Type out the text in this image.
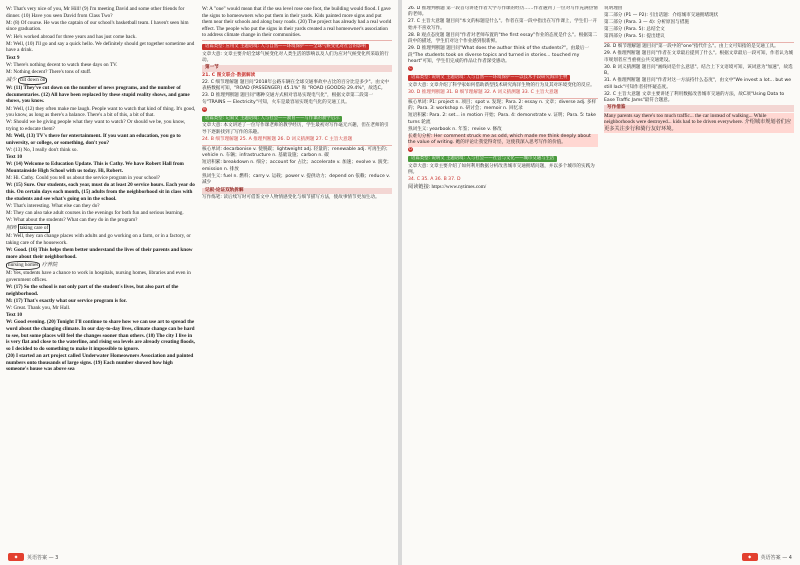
W: That's very nice of you, Mr Hill! (9) I'm meeting David and some other friends for dinner. (10) Have you seen David from Class Two?

M: (8) Of course. He was the captain of our school's basketball team. I haven't seen him since graduation.

W: He's worked abroad for three years and has just come back.

M: Well, (10) I'll go and say a quick hello. We definitely should get together sometime and have a drink.

Text 9

W: There's nothing decent to watch these days on TV.

M: Nothing decent? There's tons of stuff.

减少 cut down on

W: (11) They've cut down on the number of news programs, and the number of documentaries. (12) All have been replaced by these stupid reality shows, and game shows, you know.

M: Well, (12) they often make me laugh. People want to watch that kind of thing. It's good, you know, as long as there's a balance. There's a bit of this, a bit of that.

W: Should we be giving people what they want to watch? Or should we be, you know, trying to educate them?

M: Well, (13) TV's there for entertainment. If you want an education, you go to university, or college, or something, don't you?

W: (13) No, I really don't think so.

Text 10

W: (14) Welcome to Education Update. This is Cathy. We have Robert Hall from Mountainside High School with us today. Hi, Robert.

M: Hi. Cathy. Could you tell us about the service program in your school?

W: (15) Sure. Our students, each year, must do at least 20 service hours. Each year do this. On certain days each month, (15) adults from the neighborhood sit in class with the students and see what's going on in the school.

W: That's interesting. What else can they do?

M: They can also take adult courses in the evenings for both fun and serious learning.

W: What about the students? What can they do in the program?

照顾 taking care of

M: Well, they can change places with adults and go working on a farm, or in a factory, or taking care of the housework.

W: Good. (16) This helps them better understand the lives of their parents and know more about their neighborhood.

nursing homes 疗养院

M: Yes, students have a chance to work in hospitals, nursing homes, libraries and even in government offices.

W: (17) So the school is not only part of the student's lives, but also part of the neighborhood.

M: (17) That's exactly what our service program is for.

W: Great. Thank you, Mr Hall.

Text 10

W: Good evening. (20) Tonight I'll continue to share how we can use art to spread the word about the changing climate. In our day-to-day lives, climate change can be hard to see, but some places will feel the changes sooner than others. (18) The city I live in is very flat and close to the waterline, and rising sea levels are already creating floods, so I decided to do something to make it impossible to ignore.

(20) I started an art project called Underwater Homeowners Association and painted numbers onto thousands of large signs. (19) Each number showed how high someone's house was above sea

W: A "one" would mean that if the sea level rose one foot, the building would flood. I gave the signs to homeowners who put them in their yards. Kids painted more signs and put them near their schools and along busy roads. (20) The project has already had a real world effect. The people who put the signs in their yards created a real homeowner's association to address climate change in their communities.

语篇类型: 应用文 主题语境: 人与自然——环境保护——全球气候变化对社会的影响

文章大意: 文章主要介绍全球气候变化对人类生活的影响以及人们为应对气候变化所采取的行动。

第一节

21. C 图文联合·数据解读

22. C 细节理解题 题目问"2018年公路车辆在全球交通事故中占比的百分比是多少"。由文中表格数据可知，"ROAD (PASSENGER) 45.1%" 和 "ROAD (GOODS) 29.4%"，故选C。

23. D 推理判断题 题目问"哪种交通方式相对容易实现电气化"，根据文章第二段第一句"TRAINS — Electricity"可知，火车是最容易实现电气化的交通工具。

B

语篇类型: 记叙文 主题语境: 人与社会——教育——写作课的教学启示

文章大意: 本文讲述了一位写作课老师的教学经历，学生最初对写作毫无兴趣，但在老师的引导下逐渐找到了写作的乐趣。

24. B 细节理解题 25. A 推理判断题 26. D 词义猜测题 27. C 主旨大意题

核心单词: decarbonise v. 使脱碳；lightweight adj. 轻量的；renewable adj. 可再生的；vehicle n. 车辆；infrastructure n. 基础设施；carbon n. 碳

短语积累: breakdown n. 细分；account for 占比；accelerate v. 加速；evolve v. 演变；emission n. 排放

熟词生义: fuel n. 燃料；carry v. 运载；power v. 提供动力；depend on 依赖；reduce v. 减少

记叙·论证双轨拆解

写作练笔: 读后续写时可借鉴文中人物情感变化与细节描写方法，使故事情节更加生动。

◆	英语答案 — 3

26. D 推理判断题 第一段首句讲述作者大学写作课的经历……作者遇到了一位对写作充满热情的老师。

27. C 主旨大意题 题目问"本文的标题是什么"。作者在第一段中指出在写作课上，学生们一开始并不喜欢写作。

28. B 观点态度题 题目问"作者对老师布置的"the first essay"作业的态度是什么"。根据第二段中的描述，学生们对这个作业感到很新鲜。

29. D 推理判断题 题目问"What does the author think of the students?"。由最后一段"The students took on diverse topics and turned in stories... touched my heart"可知，学生们完成的作品让作者深受感动。

C

语篇类型: 说明文 主题语境: 人与自然——环境保护——以技术手段研究海洋生物

文章大意: 文章介绍了科学家如何借助新型技术研究海洋生物的行为及其对环境变化的反应。

30. D 推理判断题 31. B 细节理解题 32. A 词义猜测题 33. C 主旨大意题

核心单词: P1: project n. 项目；spot v. 发现；Para. 2: essay n. 文章；diverse adj. 多样的；Para. 3: workshop n. 研讨会；memoir n. 回忆录

短语积累: Para. 2: set... in motion 开始；Para. 4: demonstrate v. 证明；Para. 5: take turns 轮流

熟词生义: yearbook n. 年鉴；revise v. 修改

长难句分析: Her comment struck me as odd, which made me think deeply about the value of writing. 她的评论让我觉得奇怪，这使我深入思考写作的价值。

D

语篇类型: 说明文 主题语境: 人与社会——社会与文化——城市交通与生活

文章大意: 文章主要介绍了如何利用数据分析改善城市交通拥堵问题，并以多个城市的实践为例。

34. C 35. A 36. B 37. D

阅读链接: https://www.nytimes.com/

说明理由

第二部分 (P1 — P2): 引出话题：介绍城市交通拥堵现状

第二部分 (Para. 3 — 4): 分析原因与措施

第三部分 (Para. 5): 总结全文

第四部分 (Para. 5): 提出建议

28. D 细节理解题 题目问"第一段中的"one"指代什么"。由上文可知指的是交通工具。

29. A 推理判断题 题目问"作者在文章最后提到了什么"。根据文章最后一段可知，作者认为城市规划者应当重视公共交通建设。

30. B 词义猜测题 题目问"画线词是什么意思"。结合上下文语境可知，该词意为"加速"，故选B。

31. A 推理判断题 题目问"作者对这一方法持什么态度"，由文中"We invest a lot... but we still lack"可知作者持怀疑态度。

32. C 主旨大意题 文章主要讲述了利用数据改善城市交通的方法，故C项"Using Data to Ease Traffic Jams"最符合题意。

写作借鉴

Many parents say there's too much traffic... the car instead of walking... While neighborhoods were destroyed... kids had to be driven everywhere. 介绍城市规划者们应更多关注步行和骑行友好环境。

◆	英语答案 — 4
